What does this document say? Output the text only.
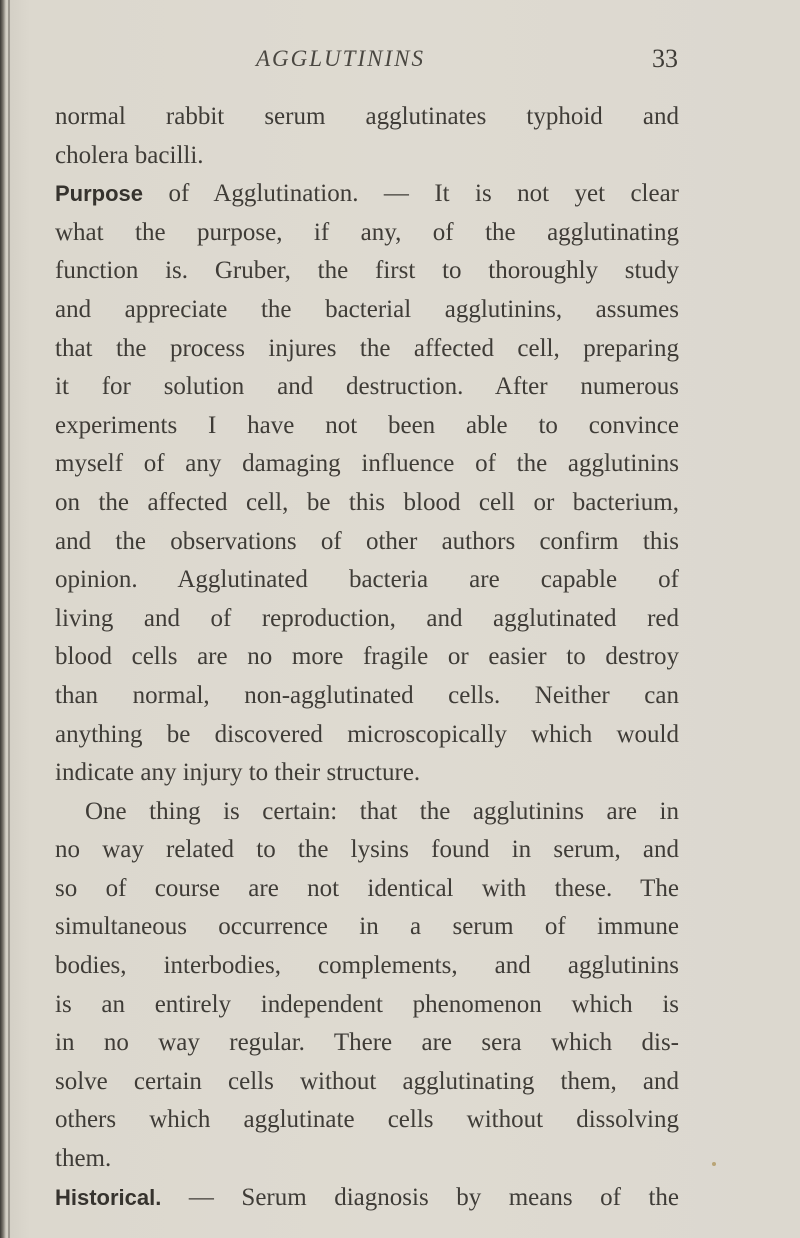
AGGLUTININS	33
normal rabbit serum agglutinates typhoid and
cholera bacilli.
Purpose of Agglutination. — It is not yet clear
what the purpose, if any, of the agglutinating
function is. Gruber, the first to thoroughly study
and appreciate the bacterial agglutinins, assumes
that the process injures the affected cell, preparing
it for solution and destruction. After numerous
experiments I have not been able to convince
myself of any damaging influence of the agglutinins
on the affected cell, be this blood cell or bacterium,
and the observations of other authors confirm this
opinion. Agglutinated bacteria are capable of
living and of reproduction, and agglutinated red
blood cells are no more fragile or easier to destroy
than normal, non-agglutinated cells. Neither can
anything be discovered microscopically which would
indicate any injury to their structure.
One thing is certain: that the agglutinins are in
no way related to the lysins found in serum, and
so of course are not identical with these. The
simultaneous occurrence in a serum of immune
bodies, interbodies, complements, and agglutinins
is an entirely independent phenomenon which is
in no way regular. There are sera which dis-
solve certain cells without agglutinating them, and
others which agglutinate cells without dissolving
them.
Historical. — Serum diagnosis by means of the
